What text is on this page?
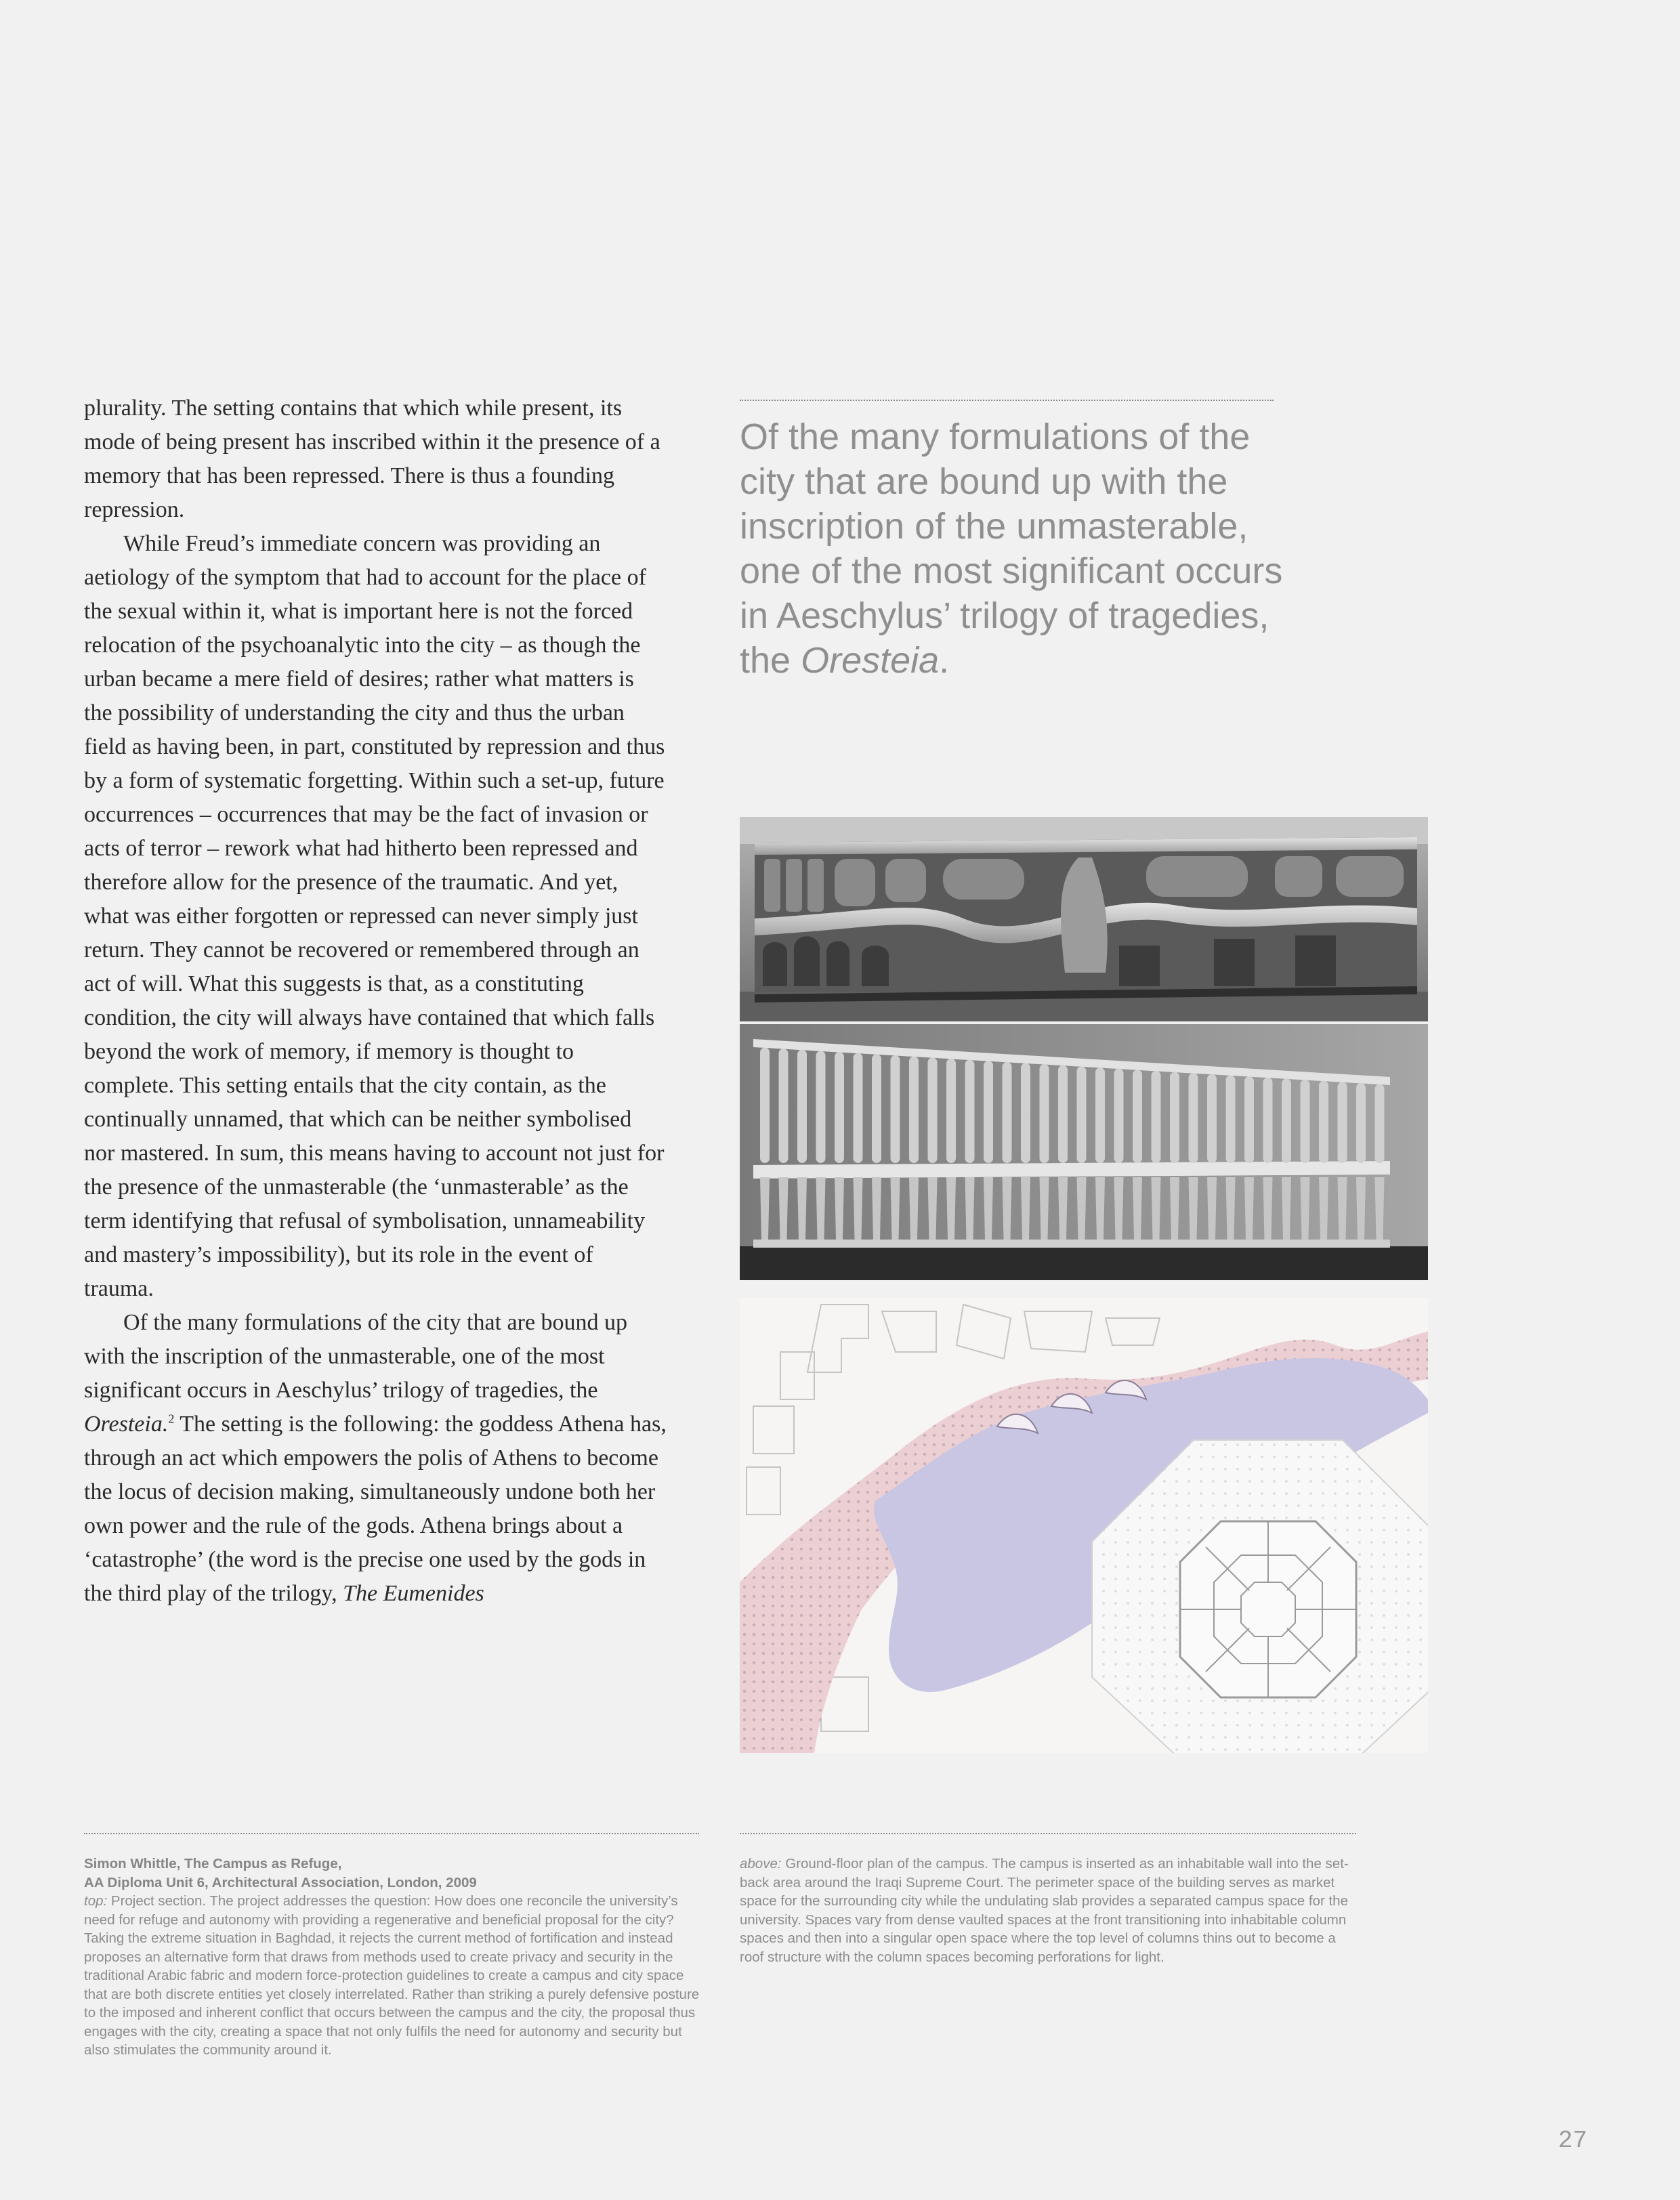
plurality. The setting contains that which while present, its mode of being present has inscribed within it the presence of a memory that has been repressed. There is thus a founding repression.

While Freud’s immediate concern was providing an aetiology of the symptom that had to account for the place of the sexual within it, what is important here is not the forced relocation of the psychoanalytic into the city – as though the urban became a mere field of desires; rather what matters is the possibility of understanding the city and thus the urban field as having been, in part, constituted by repression and thus by a form of systematic forgetting. Within such a set-up, future occurrences – occurrences that may be the fact of invasion or acts of terror – rework what had hitherto been repressed and therefore allow for the presence of the traumatic. And yet, what was either forgotten or repressed can never simply just return. They cannot be recovered or remembered through an act of will. What this suggests is that, as a constituting condition, the city will always have contained that which falls beyond the work of memory, if memory is thought to complete. This setting entails that the city contain, as the continually unnamed, that which can be neither symbolised nor mastered. In sum, this means having to account not just for the presence of the unmasterable (the ‘unmasterable’ as the term identifying that refusal of symbolisation, unnameability and mastery’s impossibility), but its role in the event of trauma.

Of the many formulations of the city that are bound up with the inscription of the unmasterable, one of the most significant occurs in Aeschylus’ trilogy of tragedies, the Oresteia.$^2$ The setting is the following: the goddess Athena has, through an act which empowers the polis of Athens to become the locus of decision making, simultaneously undone both her own power and the rule of the gods. Athena brings about a ‘catastrophe’ (the word is the precise one used by the gods in the third play of the trilogy, The Eumenides

Of the many formulations of the city that are bound up with the inscription of the unmasterable, one of the most significant occurs in Aeschylus’ trilogy of tragedies, the Oresteia.
Simon Whittle, The Campus as Refuge,
AA Diploma Unit 6, Architectural Association, London, 2009
top: Project section. The project addresses the question: How does one reconcile the university’s need for refuge and autonomy with providing a regenerative and beneficial proposal for the city? Taking the extreme situation in Baghdad, it rejects the current method of fortification and instead proposes an alternative form that draws from methods used to create privacy and security in the traditional Arabic fabric and modern force-protection guidelines to create a campus and city space that are both discrete entities yet closely interrelated. Rather than striking a purely defensive posture to the imposed and inherent conflict that occurs between the campus and the city, the proposal thus engages with the city, creating a space that not only fulfils the need for autonomy and security but also stimulates the community around it.
above: Ground-floor plan of the campus. The campus is inserted as an inhabitable wall into the set-back area around the Iraqi Supreme Court. The perimeter space of the building serves as market space for the surrounding city while the undulating slab provides a separated campus space for the university. Spaces vary from dense vaulted spaces at the front transitioning into inhabitable column spaces and then into a singular open space where the top level of columns thins out to become a roof structure with the column spaces becoming perforations for light.
27
